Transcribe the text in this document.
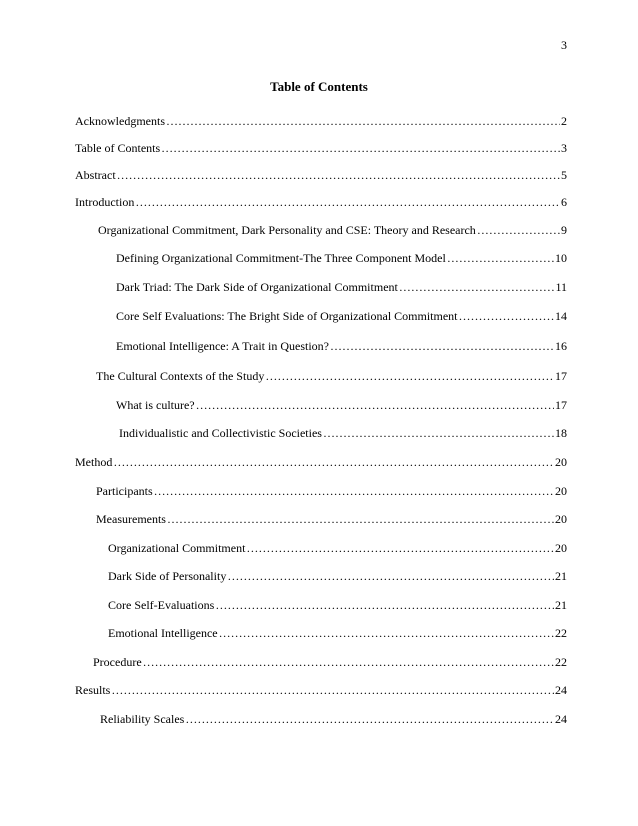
3
Table of Contents
Acknowledgments …………………………………………………………………………………………………………………………………………………………………………	2
Table of Contents …………………………………………………………………………………………………………………………………………………………………………	3
Abstract …………………………………………………………………………………………………………………………………………………………………………	5
Introduction …………………………………………………………………………………………………………………………………………………………………………	6
Organizational Commitment, Dark Personality and CSE: Theory and Research …………………………………………………………………………………………………………………………………………………………………………	9
Defining Organizational Commitment-The Three Component Model …………………………………………………………………………………………………………………………………………………………………………	10
Dark Triad: The Dark Side of Organizational Commitment …………………………………………………………………………………………………………………………………………………………………………	11
Core Self Evaluations: The Bright Side of Organizational Commitment …………………………………………………………………………………………………………………………………………………………………………	14
Emotional Intelligence: A Trait in Question? …………………………………………………………………………………………………………………………………………………………………………	16
The Cultural Contexts of the Study …………………………………………………………………………………………………………………………………………………………………………	17
What is culture? …………………………………………………………………………………………………………………………………………………………………………	17
Individualistic and Collectivistic Societies …………………………………………………………………………………………………………………………………………………………………………	18
Method …………………………………………………………………………………………………………………………………………………………………………	20
Participants …………………………………………………………………………………………………………………………………………………………………………	20
Measurements …………………………………………………………………………………………………………………………………………………………………………	20
Organizational Commitment …………………………………………………………………………………………………………………………………………………………………………	20
Dark Side of Personality …………………………………………………………………………………………………………………………………………………………………………	21
Core Self-Evaluations …………………………………………………………………………………………………………………………………………………………………………	21
Emotional Intelligence …………………………………………………………………………………………………………………………………………………………………………	22
Procedure …………………………………………………………………………………………………………………………………………………………………………	22
Results …………………………………………………………………………………………………………………………………………………………………………	24
Reliability Scales …………………………………………………………………………………………………………………………………………………………………………	24
